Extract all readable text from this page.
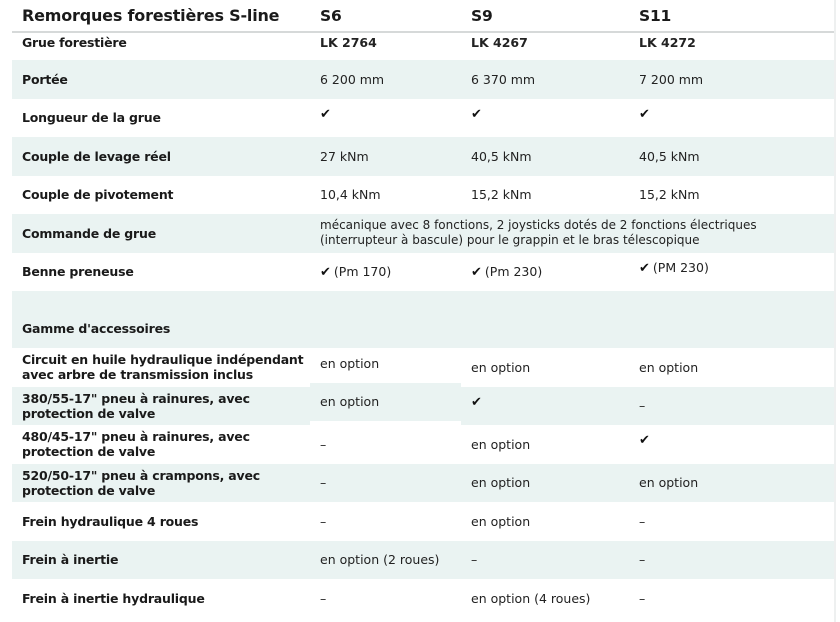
Remorques forestières S-line	S6	S9	S11
Grue forestière	LK 2764	LK 4267	LK 4272
Portée	6 200 mm	6 370 mm	7 200 mm
Longueur de la grue	✔	✔	✔
Couple de levage réel	27 kNm	40,5 kNm	40,5 kNm
Couple de pivotement	10,4 kNm	15,2 kNm	15,2 kNm
Commande de grue	mécanique avec 8 fonctions, 2 joysticks dotés de 2 fonctions électriques (interrupteur à bascule) pour le grappin et le bras télescopique		
Benne preneuse	✔ (Pm 170)	✔ (Pm 230)	✔ (PM 230)
Gamme d'accessoires			
Circuit en huile hydraulique indépendant avec arbre de transmission inclus	en option	en option	en option
380/55-17" pneu à rainures, avec protection de valve	en option	✔	–
480/45-17" pneu à rainures, avec protection de valve	–	en option	✔
520/50-17" pneu à crampons, avec protection de valve	–	en option	en option
Frein hydraulique 4 roues	–	en option	–
Frein à inertie	en option (2 roues)	–	–
Frein à inertie hydraulique	–	en option (4 roues)	–
